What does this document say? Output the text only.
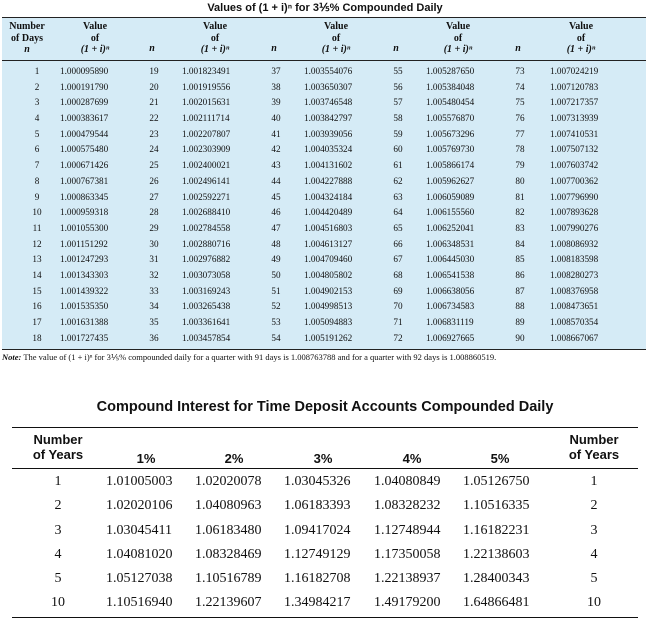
Values of (1 + i)ⁿ for 3⅕% Compounded Daily
Number
of Days
n
Value
of
(1 + i)ⁿ	n
Value
of
(1 + i)ⁿ	n
Value
of
(1 + i)ⁿ	n
Value
of
(1 + i)ⁿ	n
Value
of
(1 + i)ⁿ
1	1.000095890	19	1.001823491	37	1.003554076	55	1.005287650	73	1.007024219
2	1.000191790	20	1.001919556	38	1.003650307	56	1.005384048	74	1.007120783
3	1.000287699	21	1.002015631	39	1.003746548	57	1.005480454	75	1.007217357
4	1.000383617	22	1.002111714	40	1.003842797	58	1.005576870	76	1.007313939
5	1.000479544	23	1.002207807	41	1.003939056	59	1.005673296	77	1.007410531
6	1.000575480	24	1.002303909	42	1.004035324	60	1.005769730	78	1.007507132
7	1.000671426	25	1.002400021	43	1.004131602	61	1.005866174	79	1.007603742
8	1.000767381	26	1.002496141	44	1.004227888	62	1.005962627	80	1.007700362
9	1.000863345	27	1.002592271	45	1.004324184	63	1.006059089	81	1.007796990
10	1.000959318	28	1.002688410	46	1.004420489	64	1.006155560	82	1.007893628
11	1.001055300	29	1.002784558	47	1.004516803	65	1.006252041	83	1.007990276
12	1.001151292	30	1.002880716	48	1.004613127	66	1.006348531	84	1.008086932
13	1.001247293	31	1.002976882	49	1.004709460	67	1.006445030	85	1.008183598
14	1.001343303	32	1.003073058	50	1.004805802	68	1.006541538	86	1.008280273
15	1.001439322	33	1.003169243	51	1.004902153	69	1.006638056	87	1.008376958
16	1.001535350	34	1.003265438	52	1.004998513	70	1.006734583	88	1.008473651
17	1.001631388	35	1.003361641	53	1.005094883	71	1.006831119	89	1.008570354
18	1.001727435	36	1.003457854	54	1.005191262	72	1.006927665	90	1.008667067
Note: The value of (1 + i)ⁿ for 3⅕% compounded daily for a quarter with 91 days is 1.008763788 and for a quarter with 92 days is 1.008860519.
Compound Interest for Time Deposit Accounts Compounded Daily
Number
of Years	1%	2%	3%	4%	5%
Number
of Years
1	1.01005003 1.02020078 1.03045326 1.04080849 1.05126750	1
2	1.02020106 1.04080963 1.06183393 1.08328232 1.10516335	2
3	1.03045411 1.06183480 1.09417024 1.12748944 1.16182231	3
4	1.04081020 1.08328469 1.12749129 1.17350058 1.22138603	4
5	1.05127038 1.10516789 1.16182708 1.22138937 1.28400343	5
10	1.10516940 1.22139607 1.34984217 1.49179200 1.64866481	10
